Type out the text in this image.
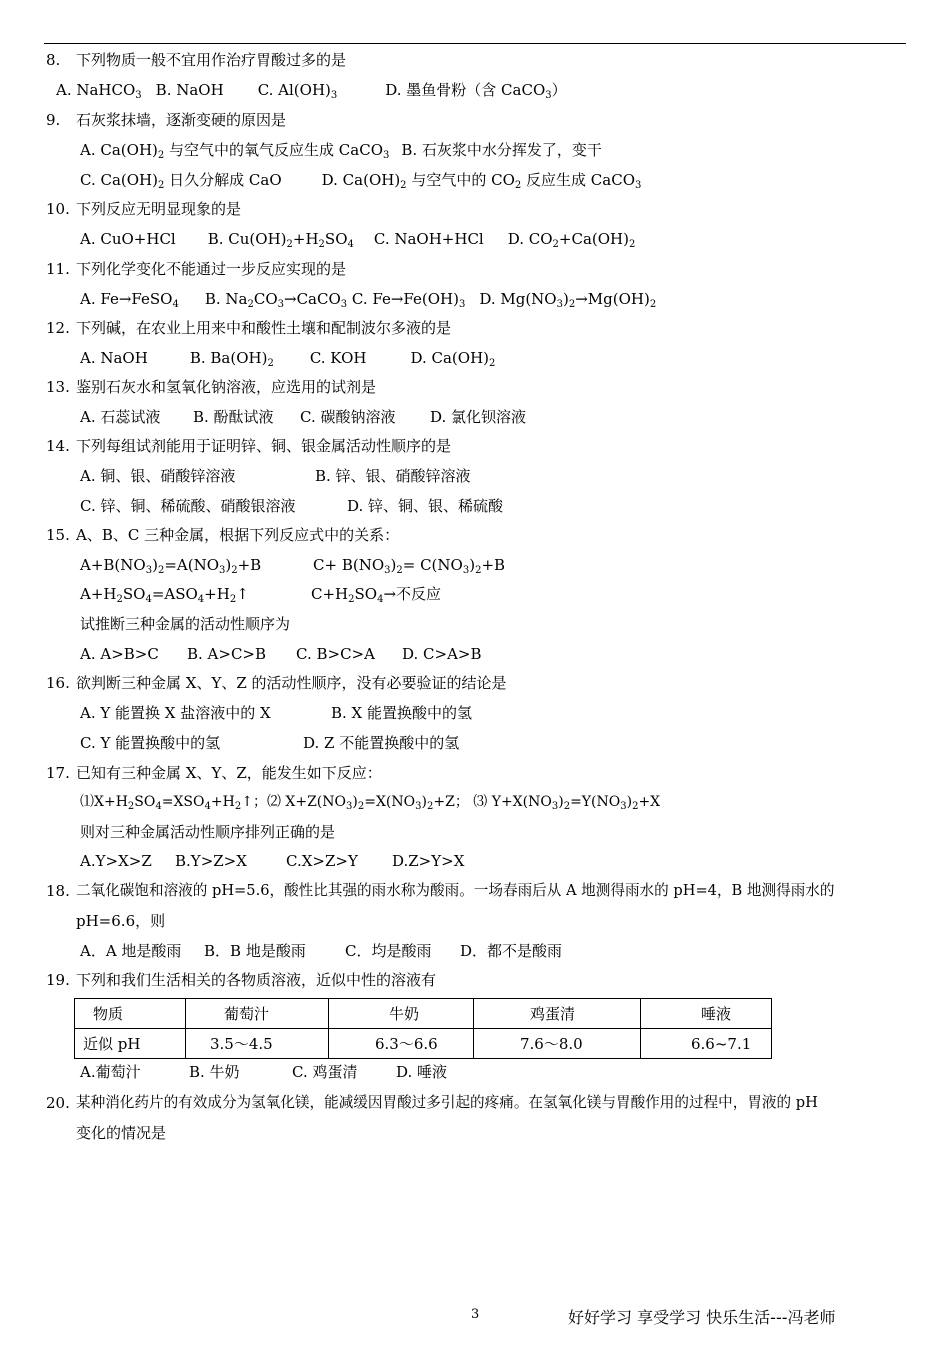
8. 下列物质一般不宜用作治疗胃酸过多的是
A. NaHCO$_3$ B. NaOH C. $Al(OH)_3$	D. 墨鱼骨粉（含 CaCO$_3$）
9. 石灰浆抹墙，逐渐变硬的原因是
A. $Ca(OH)_2$ 与空气中的氧气反应生成 CaCO$_3$ B. 石灰浆中水分挥发了，变干
C. $Ca(OH)_2$ 日久分解成 CaO	D. $Ca(OH)_2$ 与空气中的 $CO_2$ 反应生成 CaCO$_3$
10. 下列反应无明显现象的是
A. CuO+HCl B. $Cu(OH)_2+H_2SO_4$ C. NaOH+HCl D. $CO_2+Ca(OH)_2$
11. 下列化学变化不能通过一步反应实现的是
A. Fe→FeSO$_4$ B. $Na_2CO_3\to CaCO_3$ C. $Fe\to Fe(OH)_3$ D. $Mg(NO_3)_2\to Mg(OH)_2$
12. 下列碱，在农业上用来中和酸性土壤和配制波尔多液的是
A. NaOH	B. $Ba(OH)_2$ C. KOH	D. $Ca(OH)_2$
13. 鉴别石灰水和氢氧化钠溶液，应选用的试剂是
A. 石蕊试液 B. 酚酞试液 C. 碳酸钠溶液 D. 氯化钡溶液
14. 下列每组试剂能用于证明锌、铜、银金属活动性顺序的是
A. 铜、银、硝酸锌溶液	B. 锌、银、硝酸锌溶液
C. 锌、铜、稀硫酸、硝酸银溶液	D. 锌、铜、银、稀硫酸
15. A、B、C 三种金属，根据下列反应式中的关系：
$A+B(NO_3)_2=A(NO_3)_2+B$	$C+ B(NO_3)_2= C(NO_3)_2+B$
$A+H_2SO_4=ASO_4+H_2↑$	$C+H_2SO_4\to$不反应
试推断三种金属的活动性顺序为
A. A>B>C B. A>C>B C. B>C>A D. C>A>B
16. 欲判断三种金属 X、Y、Z 的活动性顺序，没有必要验证的结论是
A. Y 能置换 X 盐溶液中的 X	B. X 能置换酸中的氢
C. Y 能置换酸中的氢	D. Z 不能置换酸中的氢
17. 已知有三种金属 X、Y、Z，能发生如下反应：
$⑴X+H_2SO_4=XSO_4+H_2↑$；⑵ $X+Z(NO_3)_2=X(NO_3)_2+Z$； ⑶ $Y+X(NO_3)_2=Y(NO_3)_2+X$
则对三种金属活动性顺序排列正确的是
A.Y>X>Z B.Y>Z>X	C.X>Z>Y D.Z>Y>X
18. 二氧化碳饱和溶液的 pH=5.6，酸性比其强的雨水称为酸雨。一场春雨后从 A 地测得雨水的 pH=4，B 地测得雨水的
pH=6.6，则
A．A 地是酸雨 B．B 地是酸雨	C．均是酸雨 D．都不是酸雨
19. 下列和我们生活相关的各物质溶液，近似中性的溶液有
物质	葡萄汁	牛奶	鸡蛋清	唾液
近似 pH	3.5～4.5	6.3～6.6	7.6～8.0	6.6~7.1
A.葡萄汁	B. 牛奶	C. 鸡蛋清	D. 唾液
20. 某种消化药片的有效成分为氢氧化镁，能减缓因胃酸过多引起的疼痛。在氢氧化镁与胃酸作用的过程中，胃液的 pH
变化的情况是
3	好好学习 享受学习 快乐生活---冯老师
